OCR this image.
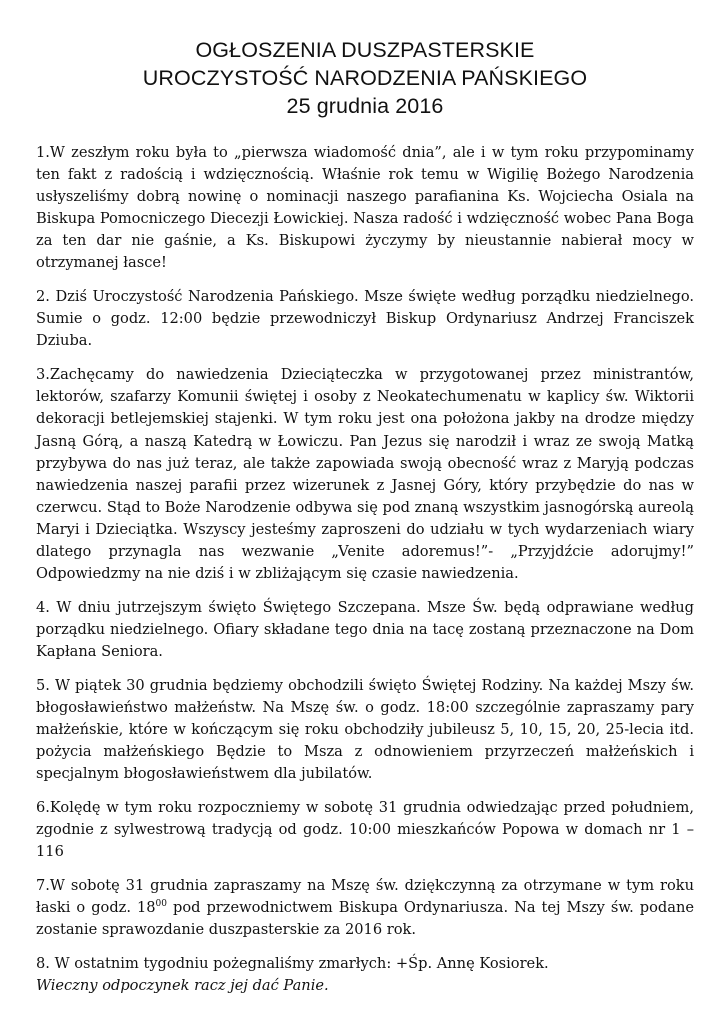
OGŁOSZENIA DUSZPASTERSKIE
UROCZYSTOŚĆ NARODZENIA PAŃSKIEGO
25 grudnia 2016

1.W zeszłym roku była to „pierwsza wiadomość dnia”, ale i w tym roku przypominamy ten fakt z radością i wdzięcznością. Właśnie rok temu w Wigilię Bożego Narodzenia usłyszeliśmy dobrą nowinę o nominacji naszego parafianina Ks. Wojciecha Osiala na Biskupa Pomocniczego Diecezji Łowickiej. Nasza radość i wdzięczność wobec Pana Boga za ten dar nie gaśnie, a Ks. Biskupowi życzymy by nieustannie nabierał mocy w otrzymanej łasce!

2. Dziś Uroczystość Narodzenia Pańskiego. Msze święte według porządku niedzielnego. Sumie o godz. 12:00 będzie przewodniczył Biskup Ordynariusz Andrzej Franciszek Dziuba.

3.Zachęcamy do nawiedzenia Dzieciąteczka w przygotowanej przez ministrantów, lektorów, szafarzy Komunii świętej i osoby z Neokatechumenatu w kaplicy św. Wiktorii dekoracji betlejemskiej stajenki. W tym roku jest ona położona jakby na drodze między Jasną Górą, a naszą Katedrą w Łowiczu. Pan Jezus się narodził i wraz ze swoją Matką przybywa do nas już teraz, ale także zapowiada swoją obecność wraz z Maryją podczas nawiedzenia naszej parafii przez wizerunek z Jasnej Góry, który przybędzie do nas w czerwcu. Stąd to Boże Narodzenie odbywa się pod znaną wszystkim jasnogórską aureolą Maryi i Dzieciątka. Wszyscy jesteśmy zaproszeni do udziału w tych wydarzeniach wiary dlatego przynagla nas wezwanie „Venite adoremus!”- „Przyjdźcie adorujmy!” Odpowiedzmy na nie dziś i w zbliżającym się czasie nawiedzenia.

4. W dniu jutrzejszym święto Świętego Szczepana. Msze Św. będą odprawiane według porządku niedzielnego. Ofiary składane tego dnia na tacę zostaną przeznaczone na Dom Kapłana Seniora.

5. W piątek 30 grudnia będziemy obchodzili święto Świętej Rodziny. Na każdej Mszy św. błogosławieństwo małżeństw. Na Mszę św. o godz. 18:00 szczególnie zapraszamy pary małżeńskie, które w kończącym się roku obchodziły jubileusz 5, 10, 15, 20, 25-lecia itd. pożycia małżeńskiego Będzie to Msza z odnowieniem przyrzeczeń małżeńskich i specjalnym błogosławieństwem dla jubilatów.

6.Kolędę w tym roku rozpoczniemy w sobotę 31 grudnia odwiedzając przed południem, zgodnie z sylwestrową tradycją od godz. 10:00 mieszkańców Popowa w domach nr 1 – 116

7.W sobotę 31 grudnia zapraszamy na Mszę św. dziękczynną za otrzymane w tym roku łaski o godz. $18^{00}$ pod przewodnictwem Biskupa Ordynariusza. Na tej Mszy św. podane zostanie sprawozdanie duszpasterskie za 2016 rok.

8. W ostatnim tygodniu pożegnaliśmy zmarłych: +Śp. Annę Kosiorek.
Wieczny odpoczynek racz jej dać Panie.
